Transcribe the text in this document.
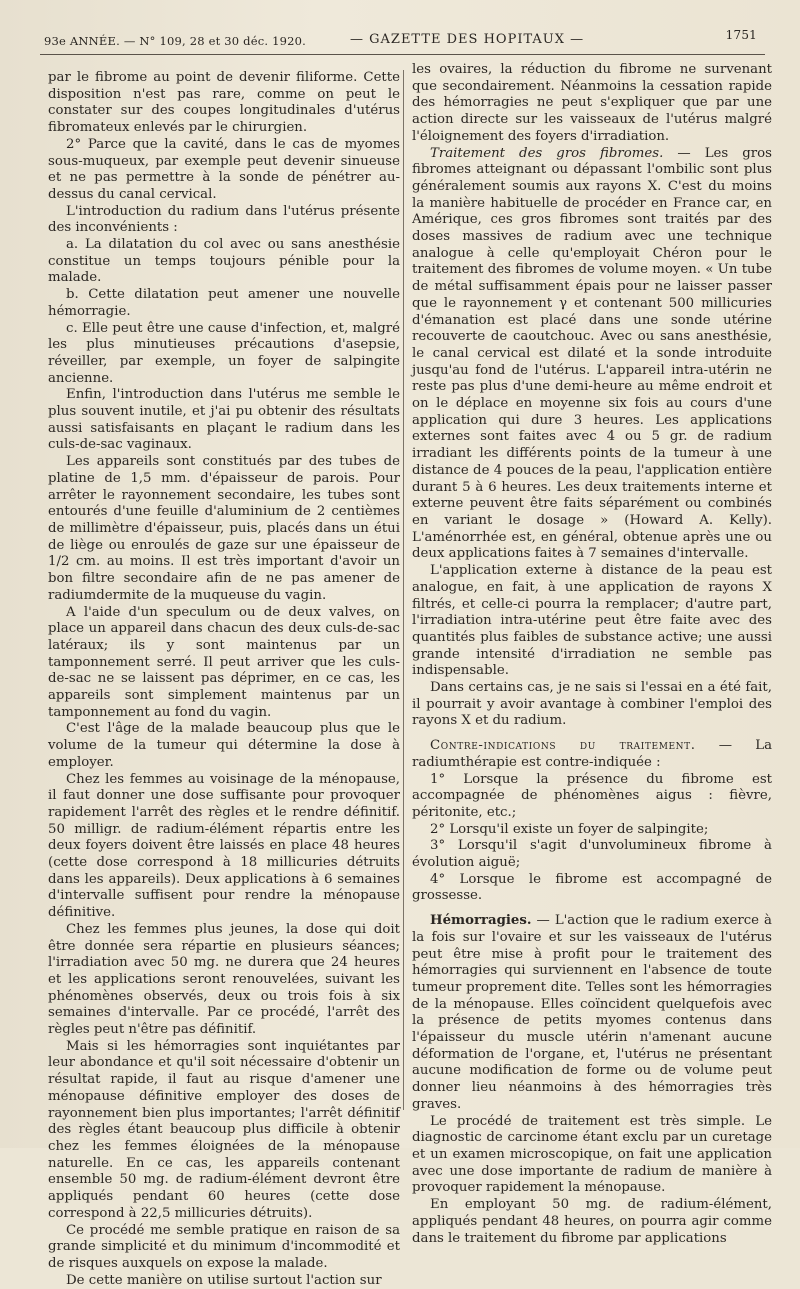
93e ANNÉE. — N° 109, 28 et 30 déc. 1920.	— GAZETTE DES HOPITAUX —	1751

par le fibrome au point de devenir filiforme. Cette disposition n'est pas rare, comme on peut le constater sur des coupes longitudinales d'utérus fibromateux enlevés par le chirurgien.

2° Parce que la cavité, dans le cas de myomes sous-muqueux, par exemple peut devenir sinueuse et ne pas permettre à la sonde de pénétrer au-dessus du canal cervical.

L'introduction du radium dans l'utérus présente des inconvénients :

a. La dilatation du col avec ou sans anesthésie constitue un temps toujours pénible pour la malade.

b. Cette dilatation peut amener une nouvelle hémorragie.

c. Elle peut être une cause d'infection, et, malgré les plus minutieuses précautions d'asepsie, réveiller, par exemple, un foyer de salpingite ancienne.

Enfin, l'introduction dans l'utérus me semble le plus souvent inutile, et j'ai pu obtenir des résultats aussi satisfaisants en plaçant le radium dans les culs-de-sac vaginaux.

Les appareils sont constitués par des tubes de platine de 1,5 mm. d'épaisseur de parois. Pour arrêter le rayonnement secondaire, les tubes sont entourés d'une feuille d'aluminium de 2 centièmes de millimètre d'épaisseur, puis, placés dans un étui de liège ou enroulés de gaze sur une épaisseur de 1/2 cm. au moins. Il est très important d'avoir un bon filtre secondaire afin de ne pas amener de radiumdermite de la muqueuse du vagin.

A l'aide d'un speculum ou de deux valves, on place un appareil dans chacun des deux culs-de-sac latéraux; ils y sont maintenus par un tamponnement serré. Il peut arriver que les culs-de-sac ne se laissent pas déprimer, en ce cas, les appareils sont simplement maintenus par un tamponnement au fond du vagin.

C'est l'âge de la malade beaucoup plus que le volume de la tumeur qui détermine la dose à employer.

Chez les femmes au voisinage de la ménopause, il faut donner une dose suffisante pour provoquer rapidement l'arrêt des règles et le rendre définitif. 50 milligr. de radium-élément répartis entre les deux foyers doivent être laissés en place 48 heures (cette dose correspond à 18 millicuries détruits dans les appareils). Deux applications à 6 semaines d'intervalle suffisent pour rendre la ménopause définitive.

Chez les femmes plus jeunes, la dose qui doit être donnée sera répartie en plusieurs séances; l'irradiation avec 50 mg. ne durera que 24 heures et les applications seront renouvelées, suivant les phénomènes observés, deux ou trois fois à six semaines d'intervalle. Par ce procédé, l'arrêt des règles peut n'être pas définitif.

Mais si les hémorragies sont inquiétantes par leur abondance et qu'il soit nécessaire d'obtenir un résultat rapide, il faut au risque d'amener une ménopause définitive employer des doses de rayonnement bien plus importantes; l'arrêt définitif des règles étant beaucoup plus difficile à obtenir chez les femmes éloignées de la ménopause naturelle. En ce cas, les appareils contenant ensemble 50 mg. de radium-élément devront être appliqués pendant 60 heures (cette dose correspond à 22,5 millicuries détruits).

Ce procédé me semble pratique en raison de sa grande simplicité et du minimum d'incommodité et de risques auxquels on expose la malade.

De cette manière on utilise surtout l'action sur

les ovaires, la réduction du fibrome ne survenant que secondairement. Néanmoins la cessation rapide des hémorragies ne peut s'expliquer que par une action directe sur les vaisseaux de l'utérus malgré l'éloignement des foyers d'irradiation.

Traitement des gros fibromes. — Les gros fibromes atteignant ou dépassant l'ombilic sont plus généralement soumis aux rayons X. C'est du moins la manière habituelle de procéder en France car, en Amérique, ces gros fibromes sont traités par des doses massives de radium avec une technique analogue à celle qu'employait Chéron pour le traitement des fibromes de volume moyen. « Un tube de métal suffisamment épais pour ne laisser passer que le rayonnement γ et contenant 500 millicuries d'émanation est placé dans une sonde utérine recouverte de caoutchouc. Avec ou sans anesthésie, le canal cervical est dilaté et la sonde introduite jusqu'au fond de l'utérus. L'appareil intra-utérin ne reste pas plus d'une demi-heure au même endroit et on le déplace en moyenne six fois au cours d'une application qui dure 3 heures. Les applications externes sont faites avec 4 ou 5 gr. de radium irradiant les différents points de la tumeur à une distance de 4 pouces de la peau, l'application entière durant 5 à 6 heures. Les deux traitements interne et externe peuvent être faits séparément ou combinés en variant le dosage » (Howard A. Kelly). L'aménorrhée est, en général, obtenue après une ou deux applications faites à 7 semaines d'intervalle.

L'application externe à distance de la peau est analogue, en fait, à une application de rayons X filtrés, et celle-ci pourra la remplacer; d'autre part, l'irradiation intra-utérine peut être faite avec des quantités plus faibles de substance active; une aussi grande intensité d'irradiation ne semble pas indispensable.

Dans certains cas, je ne sais si l'essai en a été fait, il pourrait y avoir avantage à combiner l'emploi des rayons X et du radium.

Contre-indications du traitement. — La radiumthérapie est contre-indiquée :

1° Lorsque la présence du fibrome est accompagnée de phénomènes aigus : fièvre, péritonite, etc.;

2° Lorsqu'il existe un foyer de salpingite;

3° Lorsqu'il s'agit d'unvolumineux fibrome à évolution aiguë;

4° Lorsque le fibrome est accompagné de grossesse.

Hémorragies. — L'action que le radium exerce à la fois sur l'ovaire et sur les vaisseaux de l'utérus peut être mise à profit pour le traitement des hémorragies qui surviennent en l'absence de toute tumeur proprement dite. Telles sont les hémorragies de la ménopause. Elles coïncident quelquefois avec la présence de petits myomes contenus dans l'épaisseur du muscle utérin n'amenant aucune déformation de l'organe, et, l'utérus ne présentant aucune modification de forme ou de volume peut donner lieu néanmoins à des hémorragies très graves.

Le procédé de traitement est très simple. Le diagnostic de carcinome étant exclu par un curetage et un examen microscopique, on fait une application avec une dose importante de radium de manière à provoquer rapidement la ménopause.

En employant 50 mg. de radium-élément, appliqués pendant 48 heures, on pourra agir comme dans le traitement du fibrome par applications
